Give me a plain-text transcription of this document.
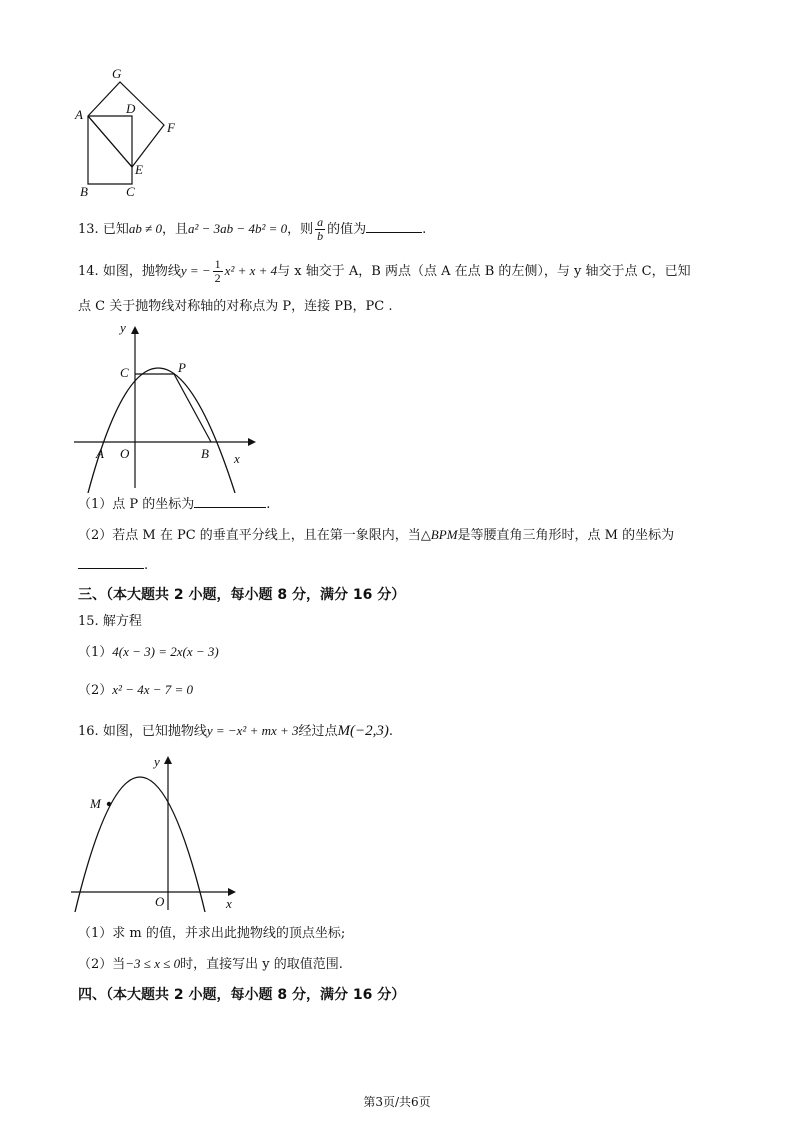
G
A	D
F
E
B	C
13. 已知ab ≠ 0，且a² − 3ab − 4b² = 0，则 $\frac{a}{b}$ 的值为	.
14. 如图，抛物线y = − $\frac{1}{2} x^2 + x + 4$与 x 轴交于 A，B 两点（点 A 在点 B 的左侧），与 y 轴交于点 C，已知
点 C 关于抛物线对称轴的对称点为 P，连接 PB，PC .
y
x
C	P
A O	B
（1）点 P 的坐标为	.
（2）若点 M 在 PC 的垂直平分线上，且在第一象限内，当△BPM是等腰直角三角形时，点 M 的坐标为
.
三、（本大题共 2 小题，每小题 8 分，满分 16 分）
15. 解方程
（1）4(x − 3) = 2x(x − 3)
（2）x² − 4x − 7 = 0
16. 如图，已知抛物线y = −x² + mx + 3经过点M(−2,3).
y
x
M
O
（1）求 m 的值，并求出此抛物线的顶点坐标;
（2）当−3 ≤ x ≤ 0时，直接写出 y 的取值范围.
四、（本大题共 2 小题，每小题 8 分，满分 16 分）
第3页/共6页
